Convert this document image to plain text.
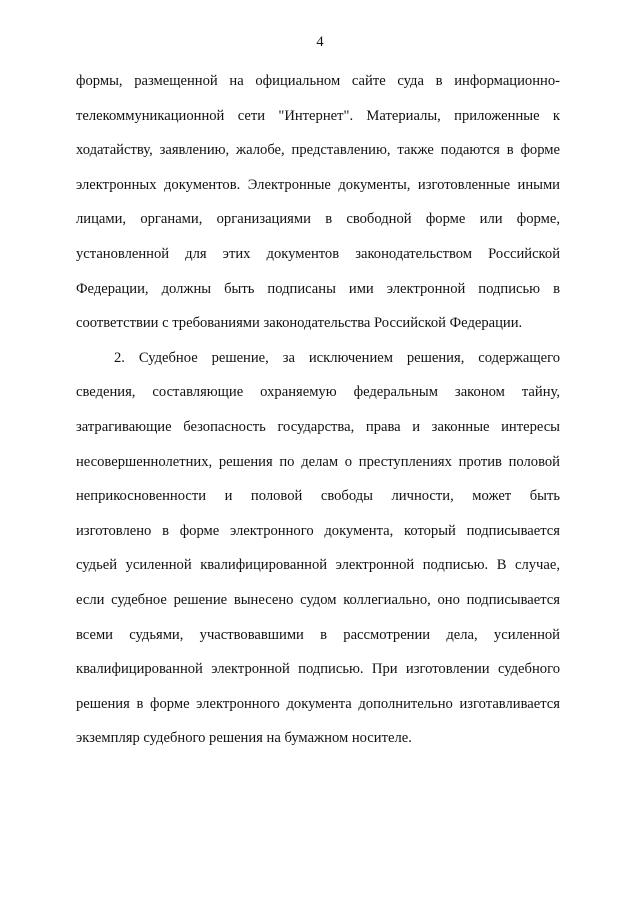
4
формы, размещенной на официальном сайте суда в информационно-
телекоммуникационной сети "Интернет". Материалы, приложенные к
ходатайству, заявлению, жалобе, представлению, также подаются в форме
электронных документов. Электронные документы, изготовленные иными
лицами, органами, организациями в свободной форме или форме,
установленной для этих документов законодательством Российской
Федерации, должны быть подписаны ими электронной подписью в
соответствии с требованиями законодательства Российской Федерации.
2. Судебное решение, за исключением решения, содержащего
сведения, составляющие охраняемую федеральным законом тайну,
затрагивающие безопасность государства, права и законные интересы
несовершеннолетних, решения по делам о преступлениях против половой
неприкосновенности и половой свободы личности, может быть
изготовлено в форме электронного документа, который подписывается
судьей усиленной квалифицированной электронной подписью. В случае,
если судебное решение вынесено судом коллегиально, оно подписывается
всеми судьями, участвовавшими в рассмотрении дела, усиленной
квалифицированной электронной подписью. При изготовлении судебного
решения в форме электронного документа дополнительно изготавливается
экземпляр судебного решения на бумажном носителе.
